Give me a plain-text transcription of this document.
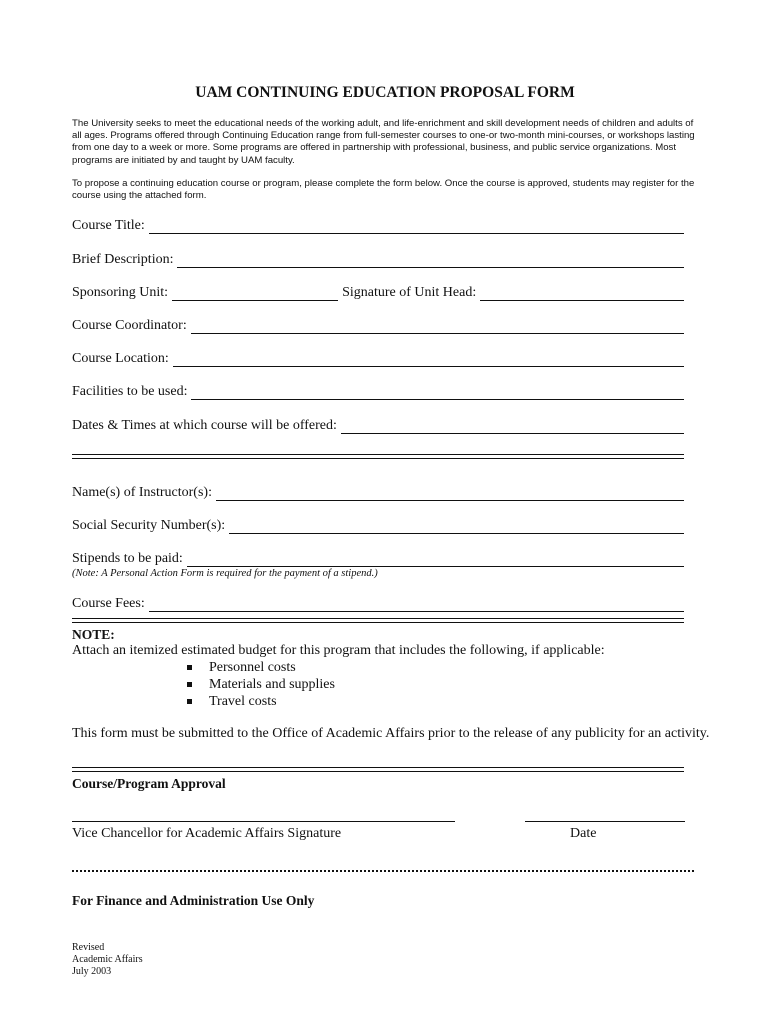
UAM CONTINUING EDUCATION PROPOSAL FORM
The University seeks to meet the educational needs of the working adult, and life-enrichment and skill development needs of children and adults of all ages. Programs offered through Continuing Education range from full-semester courses to one-or two-month mini-courses, or workshops lasting from one day to a week or more. Some programs are offered in partnership with professional, business, and public service organizations. Most programs are initiated by and taught by UAM faculty.
To propose a continuing education course or program, please complete the form below. Once the course is approved, students may register for the course using the attached form.
Course Title:
Brief Description:
Sponsoring Unit:	Signature of Unit Head:
Course Coordinator:
Course Location:
Facilities to be used:
Dates & Times at which course will be offered:
Name(s) of Instructor(s):
Social Security Number(s):
Stipends to be paid:
(Note: A Personal Action Form is required for the payment of a stipend.)
Course Fees:
NOTE:
Attach an itemized estimated budget for this program that includes the following, if applicable:
Personnel costs
Materials and supplies
Travel costs
This form must be submitted to the Office of Academic Affairs prior to the release of any publicity for an activity.
Course/Program Approval
Vice Chancellor for Academic Affairs Signature	Date
For Finance and Administration Use Only
Revised
Academic Affairs
July 2003
